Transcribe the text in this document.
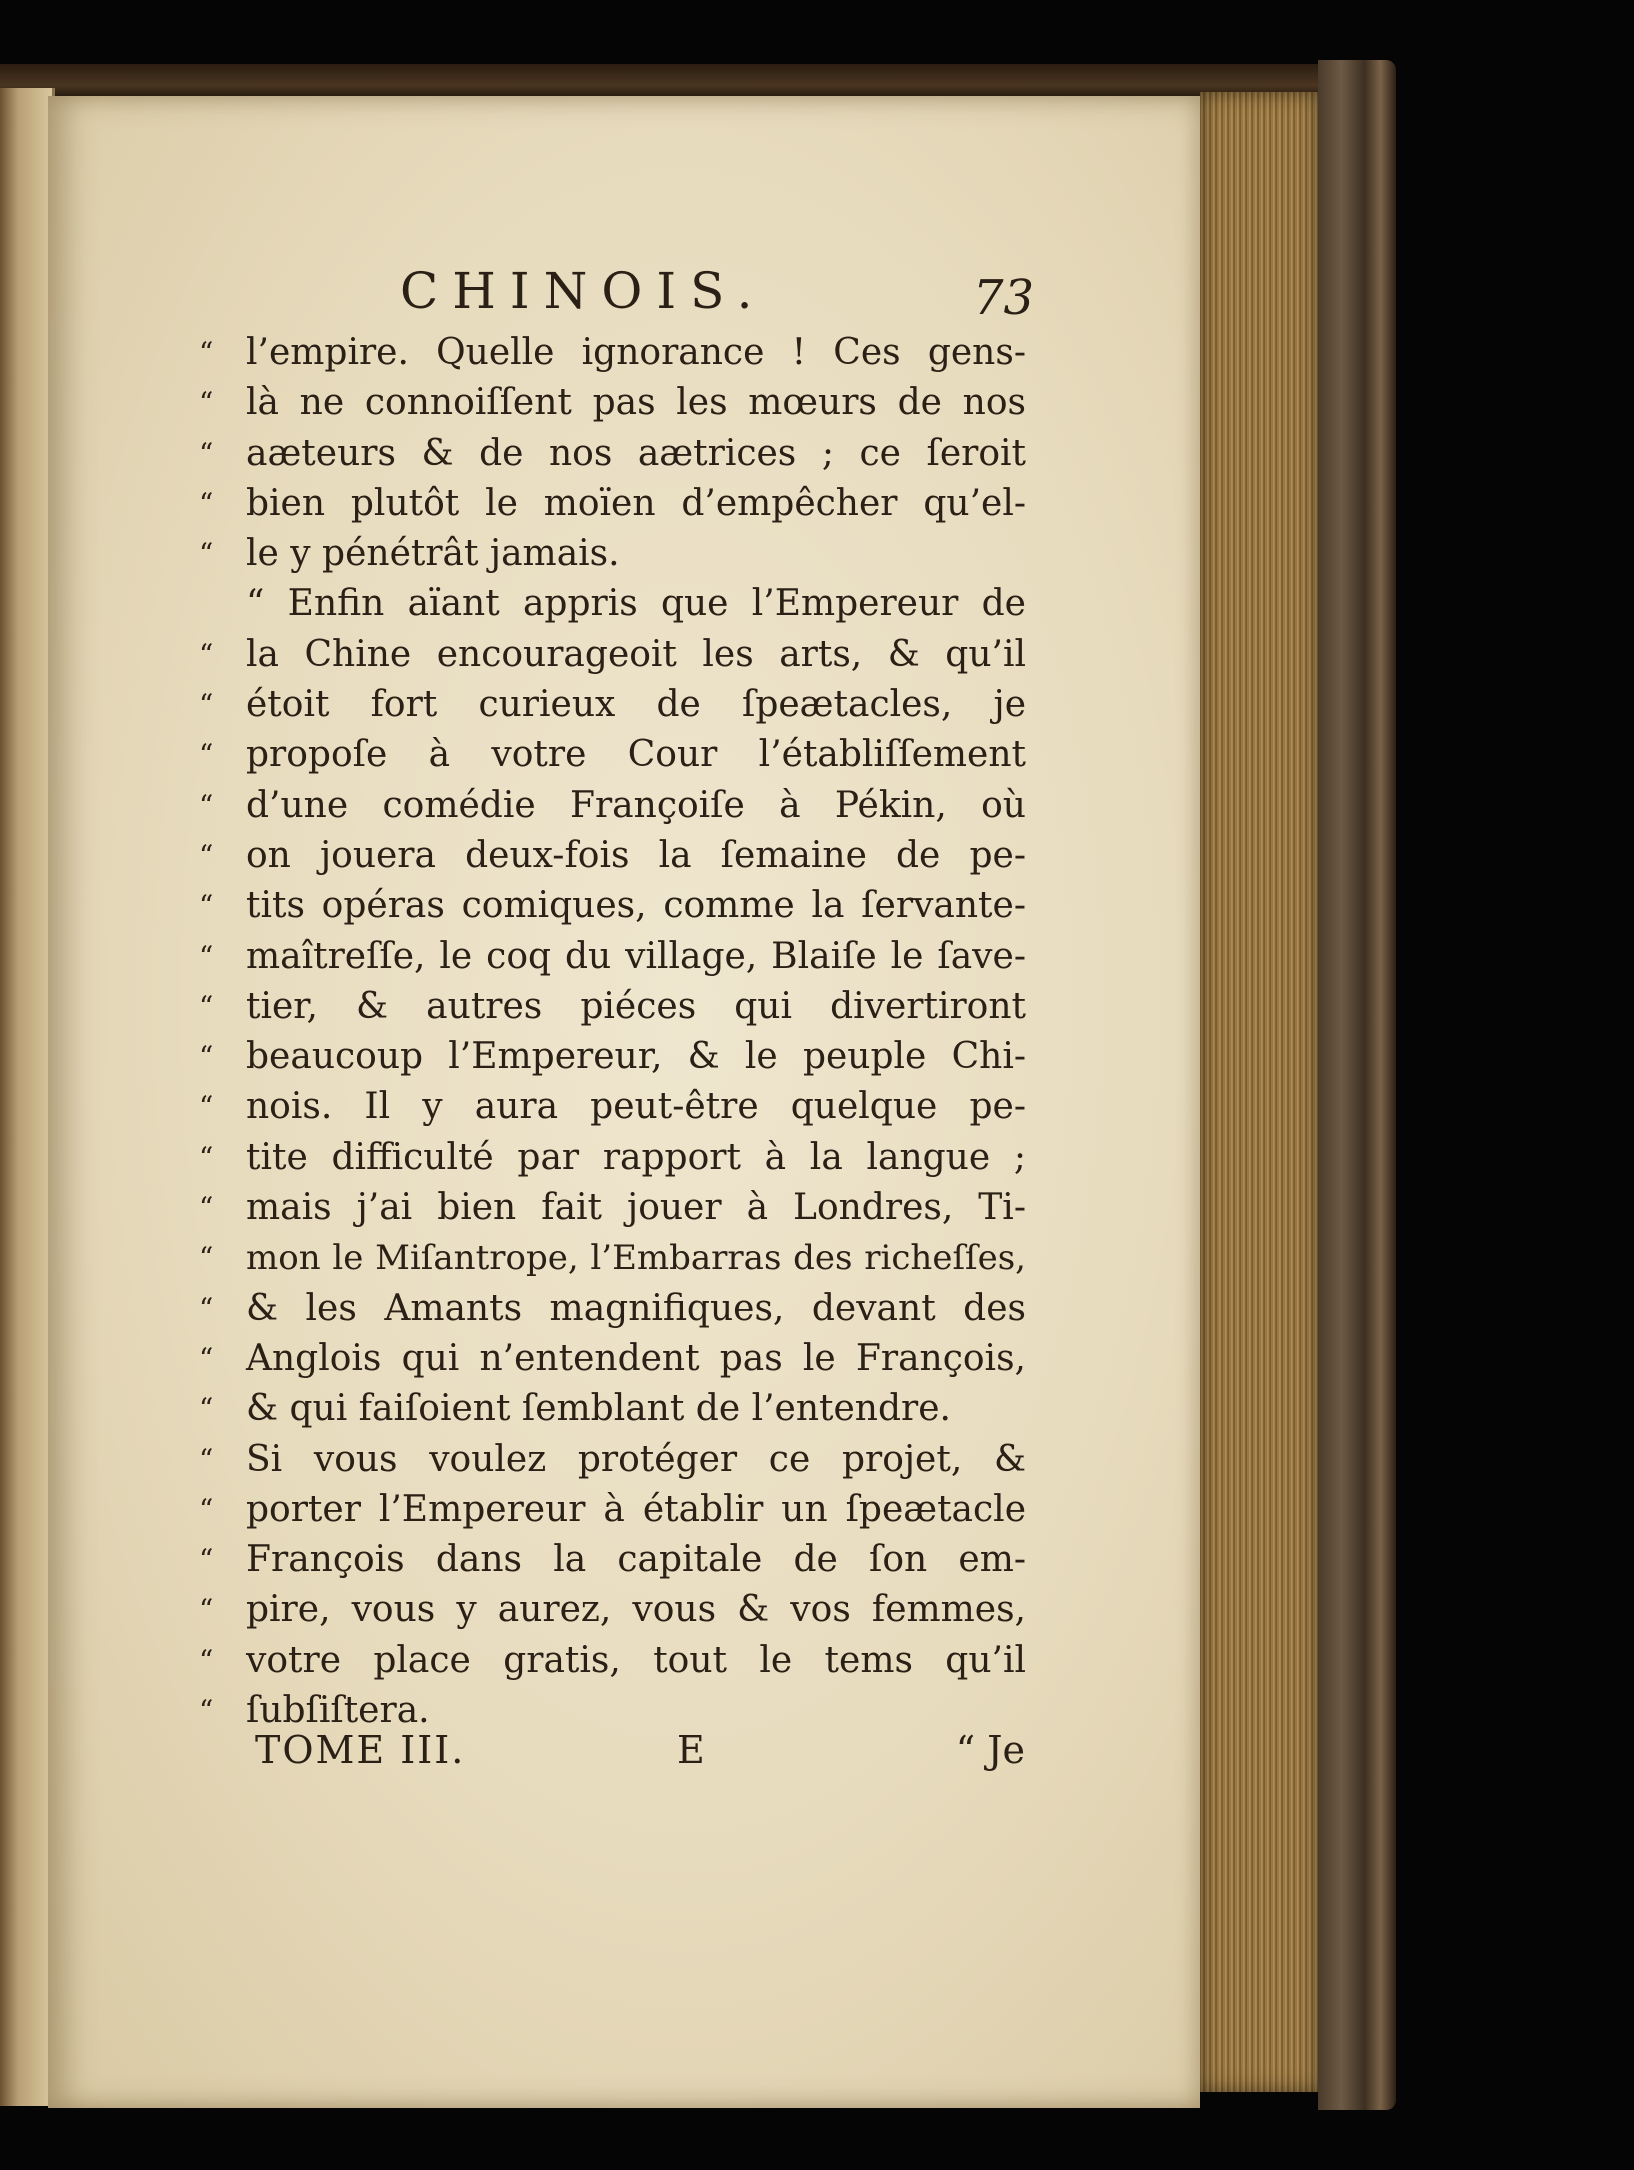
CHINOIS.	73
“
“
“
“
“
“
“
“
“
“
“
“
“
“
“
“
“
“
“
“
“
“
“
“
“
“
“
l’empire. Quelle ignorance ! Ces gens-
là ne connoiſſent pas les mœurs de nos
aæteurs & de nos aætrices ; ce ſeroit
bien plutôt le moïen d’empêcher qu’el-
le y pénétrât jamais.
“ Enfin aïant appris que l’Empereur de
la Chine encourageoit les arts, & qu’il
étoit fort curieux de ſpeætacles, je
propoſe à votre Cour l’établiſſement
d’une comédie Françoiſe à Pékin, où
on jouera deux-fois la ſemaine de pe-
tits opéras comiques, comme la ſervante-
maîtreſſe, le coq du village, Blaiſe le ſave-
tier, & autres piéces qui divertiront
beaucoup l’Empereur, & le peuple Chi-
nois. Il y aura peut-être quelque pe-
tite difficulté par rapport à la langue ;
mais j’ai bien fait jouer à Londres, Ti-
mon le Miſantrope, l’Embarras des richeſſes,
& les Amants magnifiques, devant des
Anglois qui n’entendent pas le François,
& qui faiſoient ſemblant de l’entendre.
Si vous voulez protéger ce projet, &
porter l’Empereur à établir un ſpeætacle
François dans la capitale de ſon em-
pire, vous y aurez, vous & vos femmes,
votre place gratis, tout le tems qu’il
ſubſiſtera.
TOME III.	E	“ Je
